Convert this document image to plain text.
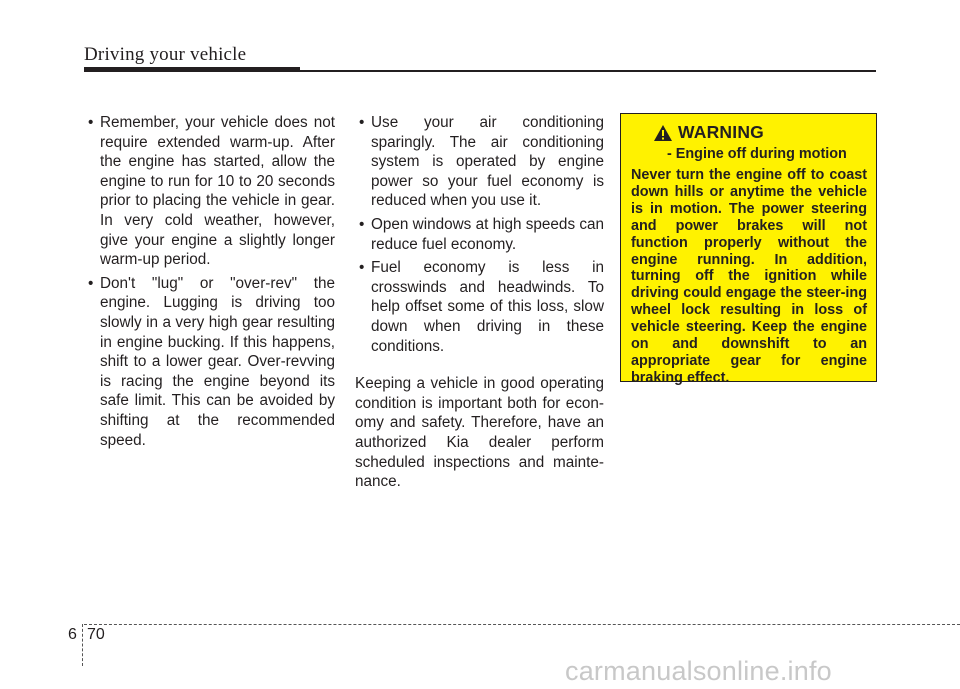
Driving your vehicle
• Remember, your vehicle does not require extended warm-up. After the engine has started, allow the engine to run for 10 to 20 seconds prior to placing the vehicle in gear. In very cold weather, however, give your engine a slightly longer warm-up period.
• Don't "lug" or "over-rev" the engine. Lugging is driving too slowly in a very high gear resulting in engine bucking. If this happens, shift to a lower gear. Over-revving is racing the engine beyond its safe limit. This can be avoided by shifting at the recommended speed.
• Use your air conditioning sparingly. The air conditioning system is operated by engine power so your fuel economy is reduced when you use it.
• Open windows at high speeds can reduce fuel economy.
• Fuel economy is less in crosswinds and headwinds. To help offset some of this loss, slow down when driving in these conditions.
Keeping a vehicle in good operating condition is important both for econ-omy and safety. Therefore, have an authorized Kia dealer perform scheduled inspections and mainte-nance.
WARNING
- Engine off during motion
Never turn the engine off to coast down hills or anytime the vehicle is in motion. The power steering and power brakes will not function properly without the engine running. In addition, turning off the ignition while driving could engage the steer-ing wheel lock resulting in loss of vehicle steering. Keep the engine on and downshift to an appropriate gear for engine braking effect.
6 70
carmanualsonline.info
